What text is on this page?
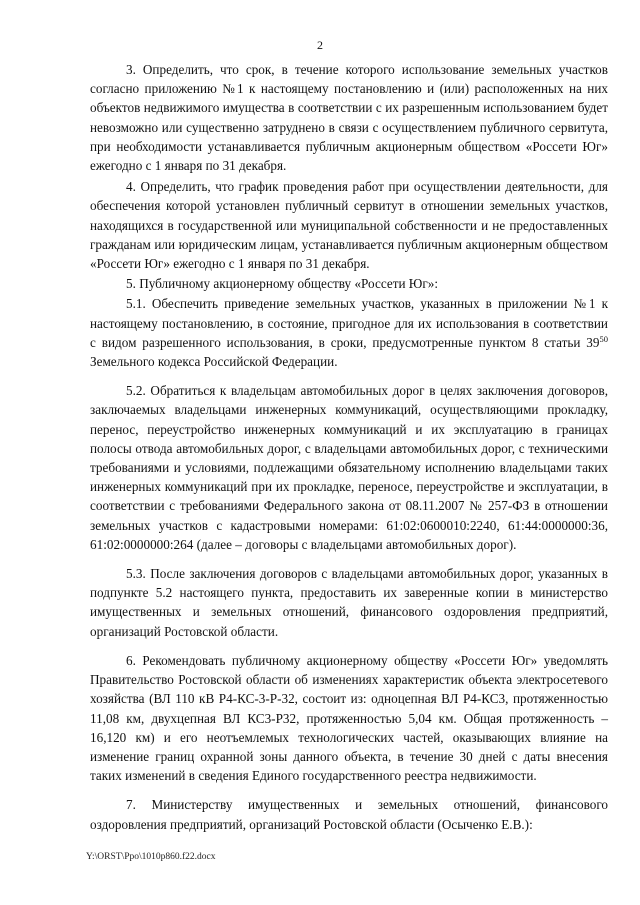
2

3. Определить, что срок, в течение которого использование земельных участков согласно приложению №1 к настоящему постановлению и (или) расположенных на них объектов недвижимого имущества в соответствии с их разрешенным использованием будет невозможно или существенно затруднено в связи с осуществлением публичного сервитута, при необходимости устанавливается публичным акционерным обществом «Россети Юг» ежегодно с 1 января по 31 декабря.

4. Определить, что график проведения работ при осуществлении деятельности, для обеспечения которой установлен публичный сервитут в отношении земельных участков, находящихся в государственной или муниципальной собственности и не предоставленных гражданам или юридическим лицам, устанавливается публичным акционерным обществом «Россети Юг» ежегодно с 1 января по 31 декабря.

5. Публичному акционерному обществу «Россети Юг»:

5.1. Обеспечить приведение земельных участков, указанных в приложении №1 к настоящему постановлению, в состояние, пригодное для их использования в соответствии с видом разрешенного использования, в сроки, предусмотренные пунктом 8 статьи $39^{50}$ Земельного кодекса Российской Федерации.

5.2. Обратиться к владельцам автомобильных дорог в целях заключения договоров, заключаемых владельцами инженерных коммуникаций, осуществляющими прокладку, перенос, переустройство инженерных коммуникаций и их эксплуатацию в границах полосы отвода автомобильных дорог, с владельцами автомобильных дорог, с техническими требованиями и условиями, подлежащими обязательному исполнению владельцами таких инженерных коммуникаций при их прокладке, переносе, переустройстве и эксплуатации, в соответствии с требованиями Федерального закона от 08.11.2007 № 257-ФЗ в отношении земельных участков с кадастровыми номерами: 61:02:0600010:2240, 61:44:0000000:36, 61:02:0000000:264 (далее – договоры с владельцами автомобильных дорог).

5.3. После заключения договоров с владельцами автомобильных дорог, указанных в подпункте 5.2 настоящего пункта, предоставить их заверенные копии в министерство имущественных и земельных отношений, финансового оздоровления предприятий, организаций Ростовской области.

6. Рекомендовать публичному акционерному обществу «Россети Юг» уведомлять Правительство Ростовской области об изменениях характеристик объекта электросетевого хозяйства (ВЛ 110 кВ Р4-КС-3-Р-32, состоит из: одноцепная ВЛ Р4-КС3, протяженностью 11,08 км, двухцепная ВЛ КС3-Р32, протяженностью 5,04 км. Общая протяженность – 16,120 км) и его неотъемлемых технологических частей, оказывающих влияние на изменение границ охранной зоны данного объекта, в течение 30 дней с даты внесения таких изменений в сведения Единого государственного реестра недвижимости.

7. Министерству имущественных и земельных отношений, финансового оздоровления предприятий, организаций Ростовской области (Осыченко Е.В.):

Y:\ORST\Ppo\1010p860.f22.docx
